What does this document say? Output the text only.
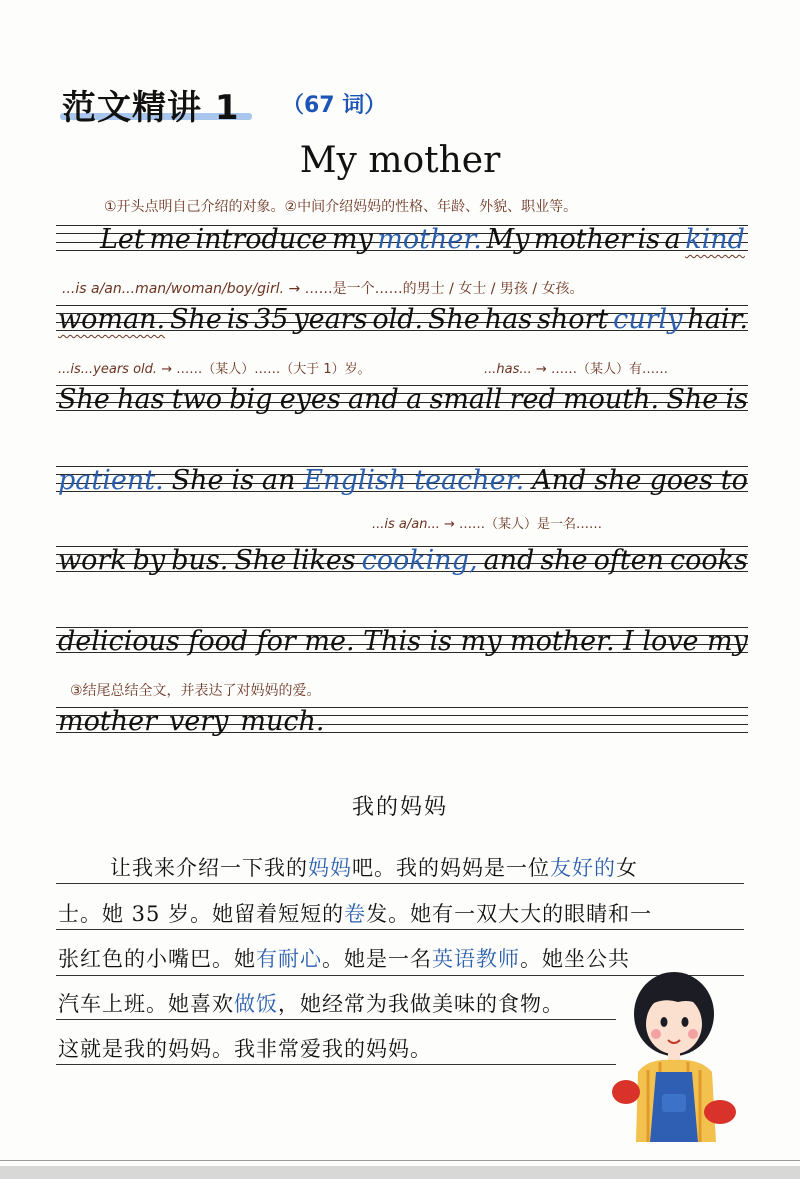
范文精讲 1 （67 词）
My mother
①开头点明自己介绍的对象。②中间介绍妈妈的性格、年龄、外貌、职业等。
Let me introduce my mother. My mother is a kind
...is a/an...man/woman/boy/girl. → ……是一个……的男士 / 女士 / 男孩 / 女孩。
woman. She is 35 years old. She has short curly hair.
...is...years old. → ……（某人）……（大于 1）岁。	...has... → ……（某人）有……
She has two big eyes and a small red mouth. She is
patient. She is an English teacher. And she goes to
...is a/an... → ……（某人）是一名……
work by bus. She likes cooking, and she often cooks
delicious food for me. This is my mother. I love my
③结尾总结全文，并表达了对妈妈的爱。
mother very much.
我的妈妈
让我来介绍一下我的妈妈吧。我的妈妈是一位友好的女
士。她 35 岁。她留着短短的卷发。她有一双大大的眼睛和一
张红色的小嘴巴。她有耐心。她是一名英语教师。她坐公共
汽车上班。她喜欢做饭，她经常为我做美味的食物。
这就是我的妈妈。我非常爱我的妈妈。
